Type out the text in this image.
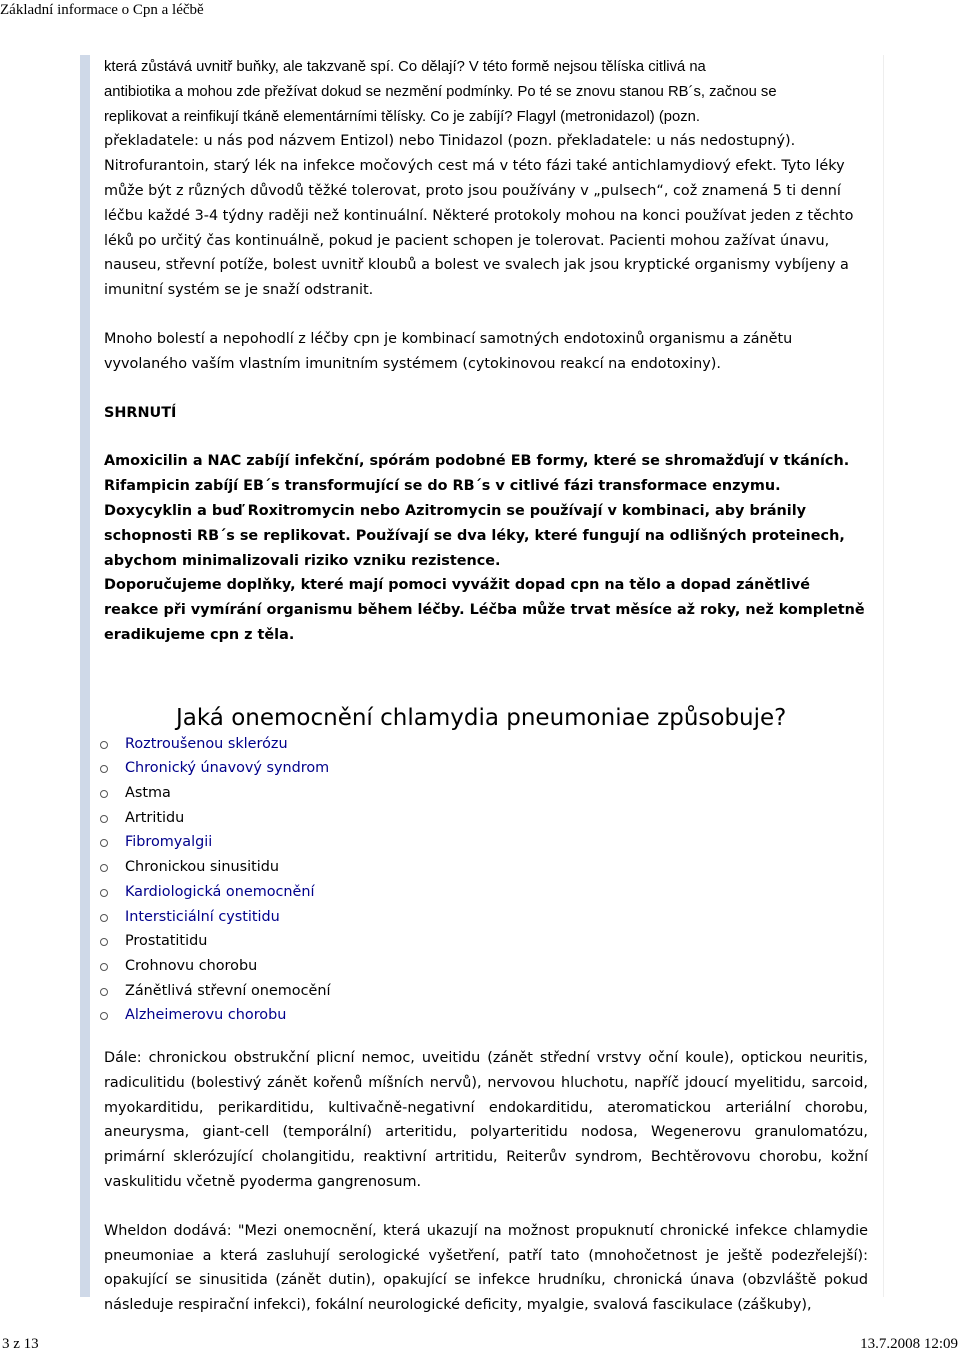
Základní informace o Cpn a léčbě
která zůstává uvnitř buňky, ale takzvaně spí. Co dělají? V této formě nejsou tělíska citlivá na
antibiotika a mohou zde přežívat dokud se nezmění podmínky. Po té se znovu stanou RB´s, začnou se
replikovat a reinfikují tkáně elementárními tělísky. Co je zabíjí? Flagyl (metronidazol) (pozn.

překladatele: u nás pod názvem Entizol) nebo Tinidazol (pozn. překladatele: u nás nedostupný). Nitrofurantoin, starý lék na infekce močových cest má v této fázi také antichlamydiový efekt. Tyto léky může být z různých důvodů těžké tolerovat, proto jsou používány v „pulsech“, což znamená 5 ti denní léčbu každé 3-4 týdny raději než kontinuální. Některé protokoly mohou na konci používat jeden z těchto léků po určitý čas kontinuálně, pokud je pacient schopen je tolerovat. Pacienti mohou zažívat únavu, nauseu, střevní potíže, bolest uvnitř kloubů a bolest ve svalech jak jsou kryptické organismy vybíjeny a imunitní systém se je snaží odstranit.

Mnoho bolestí a nepohodlí z léčby cpn je kombinací samotných endotoxinů organismu a zánětu vyvolaného vaším vlastním imunitním systémem (cytokinovou reakcí na endotoxiny).

SHRNUTÍ

Amoxicilin a NAC zabíjí infekční, spórám podobné EB formy, které se shromažďují v tkáních.

Rifampicin zabíjí EB´s transformující se do RB´s v citlivé fázi transformace enzymu.

Doxycyklin a buď Roxitromycin nebo Azitromycin se používají v kombinaci, aby bránily schopnosti RB´s se replikovat. Používají se dva léky, které fungují na odlišných proteinech, abychom minimalizovali riziko vzniku rezistence.

Doporučujeme doplňky, které mají pomoci vyvážit dopad cpn na tělo a dopad zánětlivé reakce při vymírání organismu během léčby. Léčba může trvat měsíce až roky, než kompletně eradikujeme cpn z těla.

Jaká onemocnění chlamydia pneumoniae způsobuje?
Roztroušenou sklerózu
Chronický únavový syndrom
Astma
Artritidu
Fibromyalgii
Chronickou sinusitidu
Kardiologická onemocnění
Intersticiální cystitidu
Prostatitidu
Crohnovu chorobu
Zánětlivá střevní onemocění
Alzheimerovu chorobu

Dále: chronickou obstrukční plicní nemoc, uveitidu (zánět střední vrstvy oční koule), optickou neuritis, radiculitidu (bolestivý zánět kořenů míšních nervů), nervovou hluchotu, napříč jdoucí myelitidu, sarcoid, myokarditidu, perikarditidu, kultivačně-negativní endokarditidu, ateromatickou arteriální chorobu, aneurysma, giant-cell (temporální) arteritidu, polyarteritidu nodosa, Wegenerovu granulomatózu, primární sklerózující cholangitidu, reaktivní artritidu, Reiterův syndrom, Bechtěrovovu chorobu, kožní vaskulitidu včetně pyoderma gangrenosum.

Wheldon dodává: "Mezi onemocnění, která ukazují na možnost propuknutí chronické infekce chlamydie pneumoniae a která zasluhují serologické vyšetření, patří tato (mnohočetnost je ještě podezřelejší): opakující se sinusitida (zánět dutin), opakující se infekce hrudníku, chronická únava (obzvláště pokud následuje respirační infekci), fokální neurologické deficity, myalgie, svalová fascikulace (záškuby),

3 z 13	13.7.2008 12:09
